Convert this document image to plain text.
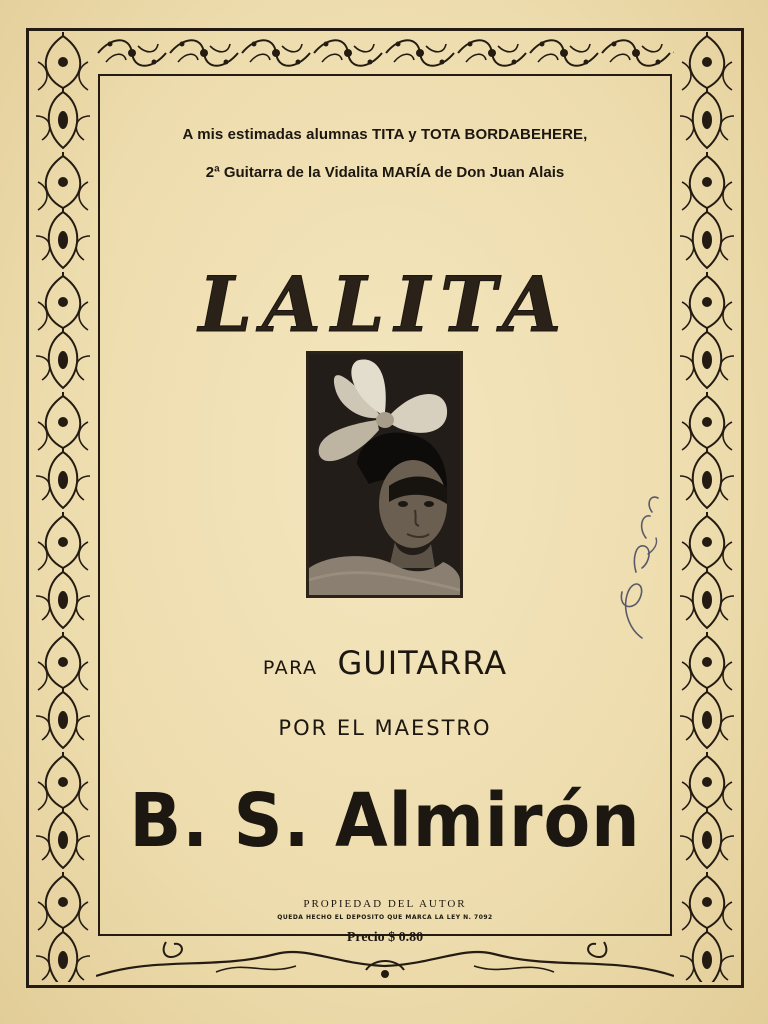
A mis estimadas alumnas TITA y TOTA BORDABEHERE,
2ª Guitarra de la Vidalita MARÍA de Don Juan Alais
LALITA
PARA GUITARRA
POR EL MAESTRO
B. S. Almirón
PROPIEDAD DEL AUTOR
QUEDA HECHO EL DEPOSITO QUE MARCA LA LEY N. 7092
Precio $ 0.80
